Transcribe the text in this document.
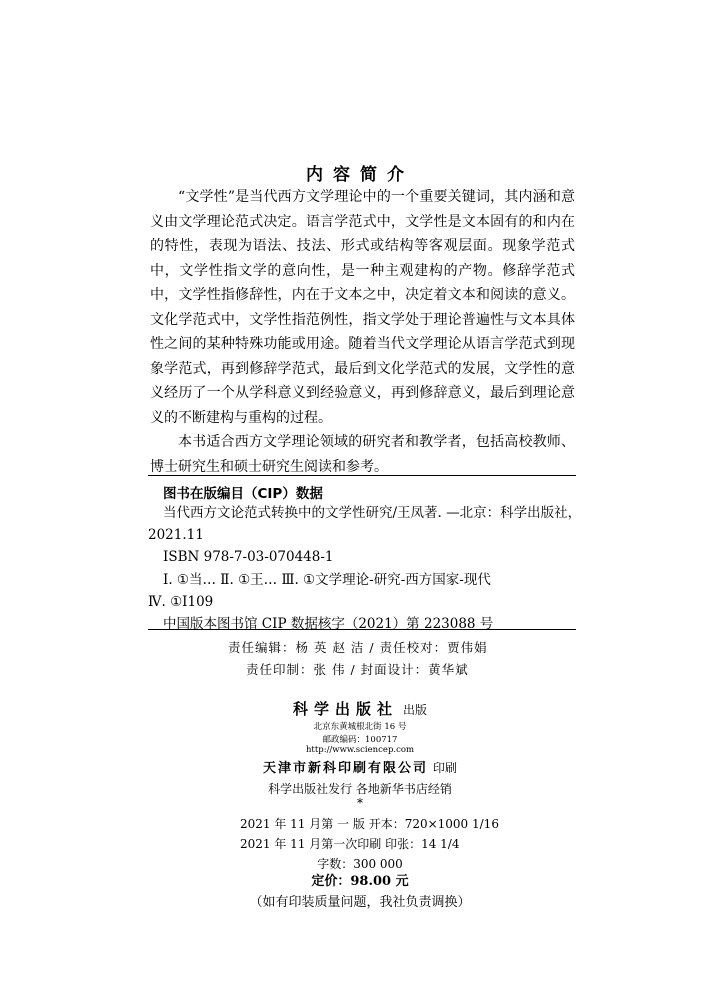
内容简介

“文学性”是当代西方文学理论中的一个重要关键词，其内涵和意义由文学理论范式决定。语言学范式中，文学性是文本固有的和内在的特性，表现为语法、技法、形式或结构等客观层面。现象学范式中，文学性指文学的意向性，是一种主观建构的产物。修辞学范式中，文学性指修辞性，内在于文本之中，决定着文本和阅读的意义。文化学范式中，文学性指范例性，指文学处于理论普遍性与文本具体性之间的某种特殊功能或用途。随着当代文学理论从语言学范式到现象学范式，再到修辞学范式，最后到文化学范式的发展，文学性的意义经历了一个从学科意义到经验意义，再到修辞意义，最后到理论意义的不断建构与重构的过程。

本书适合西方文学理论领域的研究者和教学者，包括高校教师、博士研究生和硕士研究生阅读和参考。

图书在版编目（CIP）数据
当代西方文论范式转换中的文学性研究/王凤著. —北京：科学出版社，
2021.11
ISBN 978-7-03-070448-1
Ⅰ. ①当… Ⅱ. ①王… Ⅲ. ①文学理论-研究-西方国家-现代
Ⅳ. ①I109
中国版本图书馆 CIP 数据核字（2021）第 223088 号
责任编辑：杨 英 赵 洁 / 责任校对：贾伟娟
责任印制：张 伟 / 封面设计：黄华斌
科学出版社 出版
北京东黄城根北街 16 号
邮政编码：100717
http://www.sciencep.com
天津市新科印刷有限公司 印刷
科学出版社发行 各地新华书店经销
*
2021 年 11 月第 一 版 开本：720×1000 1/16
2021 年 11 月第一次印刷 印张：14 1/4
字数：300 000
定价：98.00 元
（如有印装质量问题，我社负责调换）
